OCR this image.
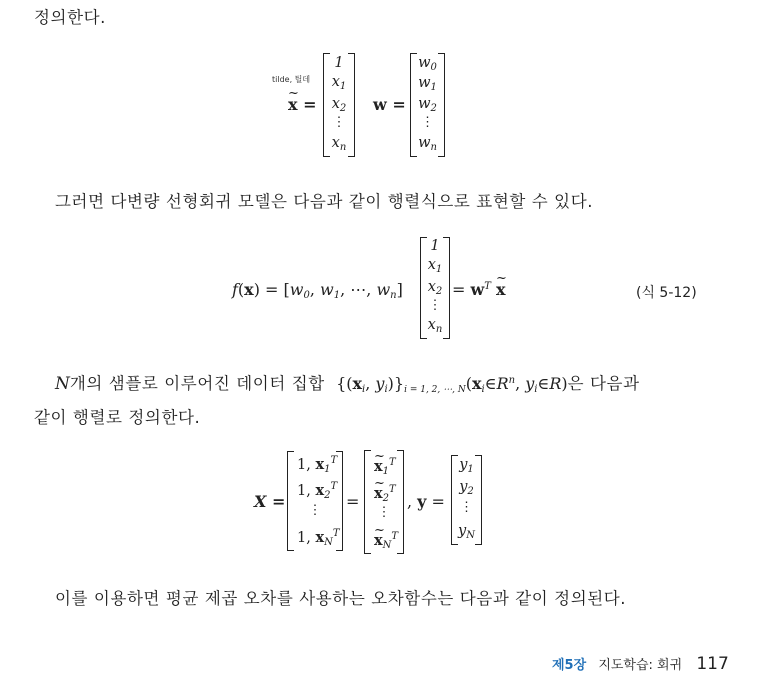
정의한다.
tilde, 틸데
~ x =
1
$x_1$
$x_2$
⋮
$x_n$
w =
$w_0$
$w_1$
$w_2$
⋮
$w_n$
그러면 다변량 선형회귀 모델은 다음과 같이 행렬식으로 표현할 수 있다.
$f(x) = [w_0$, $w_1$, ⋯, $w_n$]
1
$x_1$
$x_2$
⋮
$x_n$
= $w^T$ ~ x	(식 5-12)
N개의 샘플로 이루어진 데이터 집합 {($x_i$, $y_i)\}_{i = 1, 2, \cdots, N}(x_i\in R^n$, $y_i\in R$)은 다음과
같이 행렬로 정의한다.
X =
1, $x_1^T$
1, $x_2^T$
⋮
1, $x_N^T$
=
~ $x_1^T$
~ $x_2^T$
⋮
~ $x_N^T$
, y =
$y_1$
$y_2$
⋮
$y_N$
이를 이용하면 평균 제곱 오차를 사용하는 오차함수는 다음과 같이 정의된다.
제5장 지도학습: 회귀 117
